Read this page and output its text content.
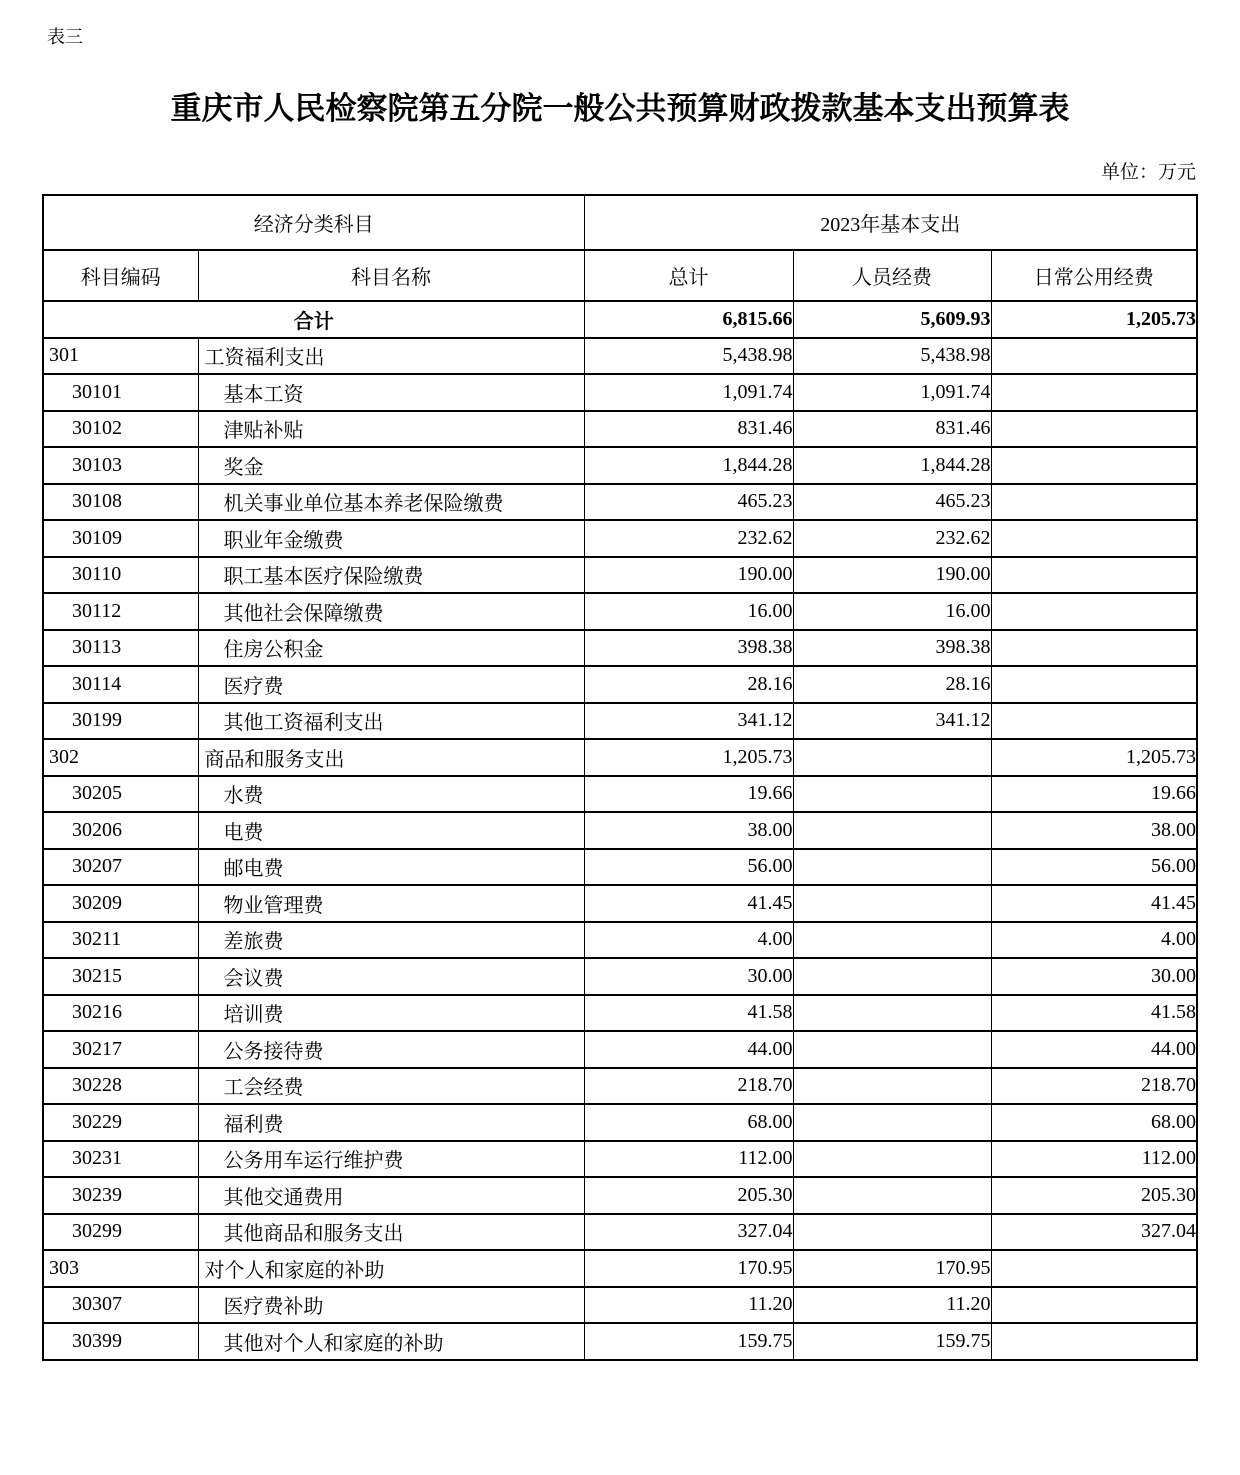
表三
重庆市人民检察院第五分院一般公共预算财政拨款基本支出预算表
单位：万元
经济分类科目		2023年基本支出		
科目编码	科目名称	总计	人员经费	日常公用经费
合计		6,815.66	5,609.93	1,205.73
301	工资福利支出	5,438.98	5,438.98	
30101	基本工资	1,091.74	1,091.74	
30102	津贴补贴	831.46	831.46	
30103	奖金	1,844.28	1,844.28	
30108	机关事业单位基本养老保险缴费	465.23	465.23	
30109	职业年金缴费	232.62	232.62	
30110	职工基本医疗保险缴费	190.00	190.00	
30112	其他社会保障缴费	16.00	16.00	
30113	住房公积金	398.38	398.38	
30114	医疗费	28.16	28.16	
30199	其他工资福利支出	341.12	341.12	
302	商品和服务支出	1,205.73		1,205.73
30205	水费	19.66		19.66
30206	电费	38.00		38.00
30207	邮电费	56.00		56.00
30209	物业管理费	41.45		41.45
30211	差旅费	4.00		4.00
30215	会议费	30.00		30.00
30216	培训费	41.58		41.58
30217	公务接待费	44.00		44.00
30228	工会经费	218.70		218.70
30229	福利费	68.00		68.00
30231	公务用车运行维护费	112.00		112.00
30239	其他交通费用	205.30		205.30
30299	其他商品和服务支出	327.04		327.04
303	对个人和家庭的补助	170.95	170.95	
30307	医疗费补助	11.20	11.20	
30399	其他对个人和家庭的补助	159.75	159.75	
